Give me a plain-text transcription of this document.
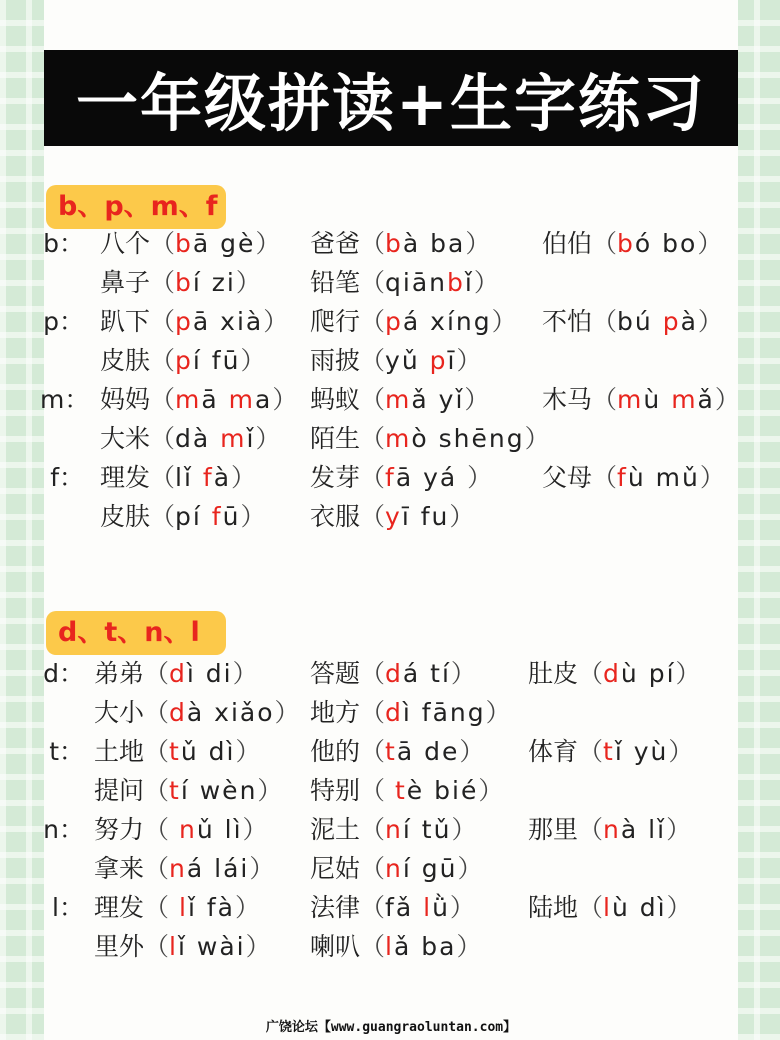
一年级拼读+生字练习
b、p、m、f
b： 八个（bā gè） 爸爸（bà ba） 伯伯（bó bo）
鼻子（bí zi） 铅笔（qiānbǐ）
p： 趴下（pā xià） 爬行（pá xíng） 不怕（bú pà）
皮肤（pí fū） 雨披（yǔ pī）
m： 妈妈（mā ma） 蚂蚁（mǎ yǐ） 木马（mù mǎ）
大米（dà mǐ） 陌生（mò shēng）
f： 理发（lǐ fà） 发芽（fā yá ） 父母（fù mǔ）
皮肤（pí fū） 衣服（yī fu）
d、t、n、l
d： 弟弟（dì di） 答题（dá tí） 肚皮（dù pí）
大小（dà xiǎo） 地方（dì fāng）
t： 土地（tǔ dì） 他的（tā de） 体育（tǐ yù）
提问（tí wèn） 特别（ tè bié）
n： 努力（ nǔ lì） 泥土（ní tǔ） 那里（nà lǐ）
拿来（ná lái） 尼姑（ní gū）
l： 理发（ lǐ fà） 法律（fǎ lǜ） 陆地（lù dì）
里外（lǐ wài） 喇叭（lǎ ba）
广饶论坛【www.guangraoluntan.com】
